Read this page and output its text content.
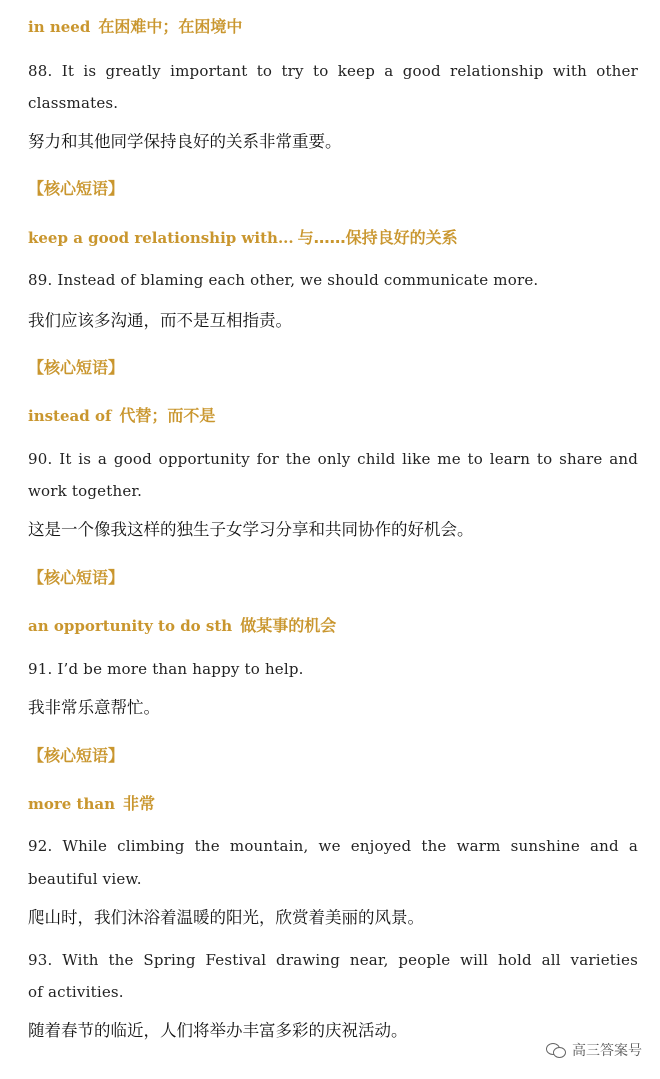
in need 在困难中；在困境中
88. It is greatly important to try to keep a good relationship with other
classmates.
努力和其他同学保持良好的关系非常重要。
【核心短语】
keep a good relationship with... 与……保持良好的关系
89. Instead of blaming each other, we should communicate more.
我们应该多沟通，而不是互相指责。
【核心短语】
instead of 代替；而不是
90. It is a good opportunity for the only child like me to learn to share and
work together.
这是一个像我这样的独生子女学习分享和共同协作的好机会。
【核心短语】
an opportunity to do sth 做某事的机会
91. I’d be more than happy to help.
我非常乐意帮忙。
【核心短语】
more than 非常
92. While climbing the mountain, we enjoyed the warm sunshine and a
beautiful view.
爬山时，我们沐浴着温暖的阳光，欣赏着美丽的风景。
93. With the Spring Festival drawing near, people will hold all varieties
of activities.
随着春节的临近，人们将举办丰富多彩的庆祝活动。
高三答案号
